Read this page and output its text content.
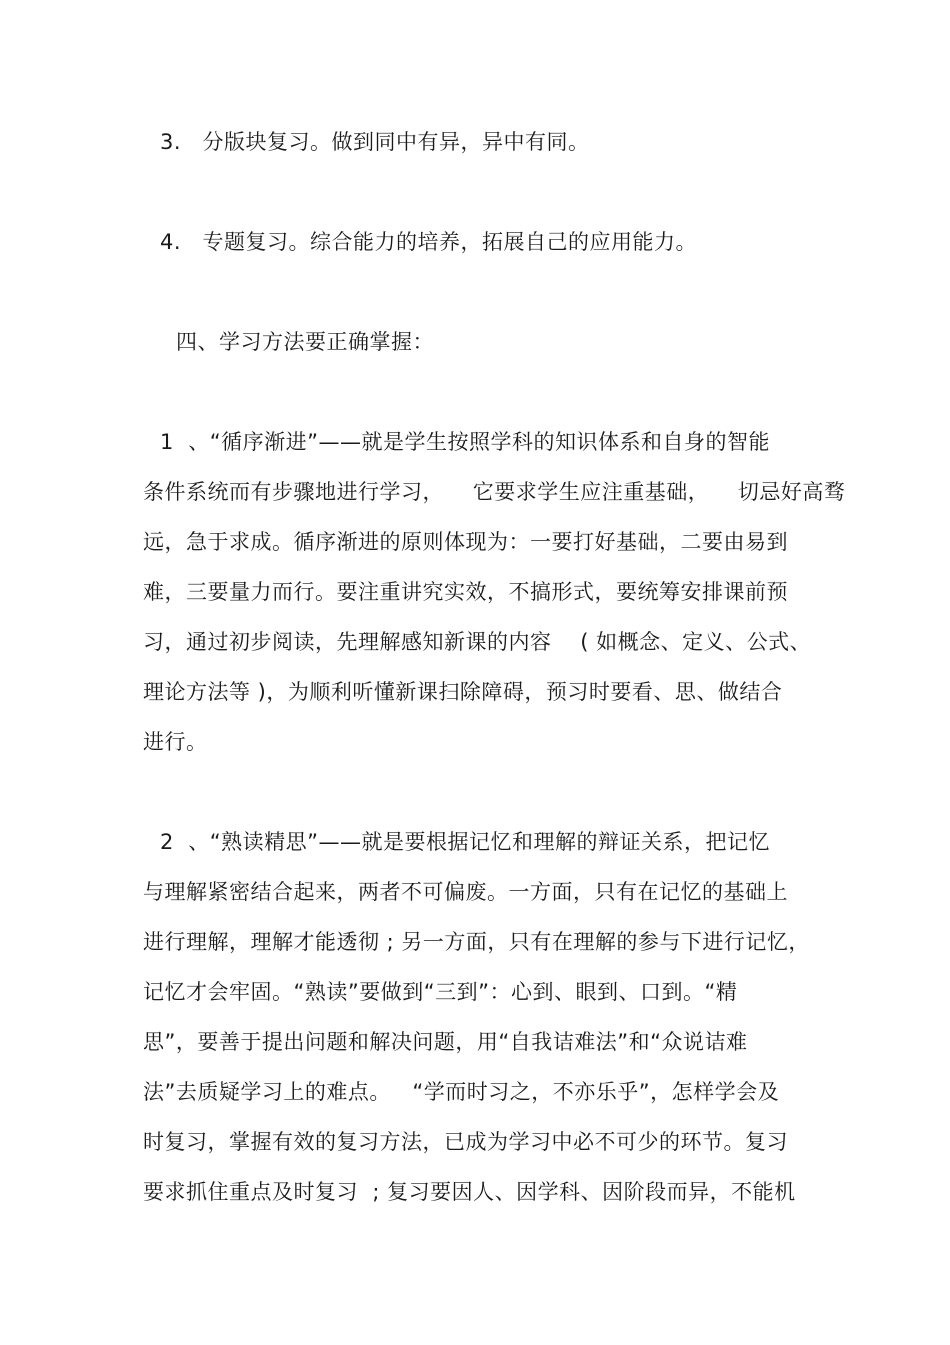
3.   分版块复习。做到同中有异，异中有同。
4.   专题复习。综合能力的培养，拓展自己的应用能力。
四、学习方法要正确掌握：
1  、“循序渐进”——就是学生按照学科的知识体系和自身的智能
条件系统而有步骤地进行学习，    它要求学生应注重基础，    切忌好高骛
远，急于求成。循序渐进的原则体现为：一要打好基础，二要由易到
难，三要量力而行。要注重讲究实效，不搞形式，要统筹安排课前预
习，通过初步阅读，先理解感知新课的内容    ( 如概念、定义、公式、
理论方法等 )，为顺利听懂新课扫除障碍，预习时要看、思、做结合
进行。
2  、“熟读精思”——就是要根据记忆和理解的辩证关系，把记忆
与理解紧密结合起来，两者不可偏废。一方面，只有在记忆的基础上
进行理解，理解才能透彻 ; 另一方面，只有在理解的参与下进行记忆，
记忆才会牢固。“熟读”要做到“三到”：心到、眼到、口到。“精
思”，要善于提出问题和解决问题，用“自我诘难法”和“众说诘难
法”去质疑学习上的难点。   “学而时习之，不亦乐乎”，怎样学会及
时复习，掌握有效的复习方法，已成为学习中必不可少的环节。复习
要求抓住重点及时复习  ; 复习要因人、因学科、因阶段而异，不能机
